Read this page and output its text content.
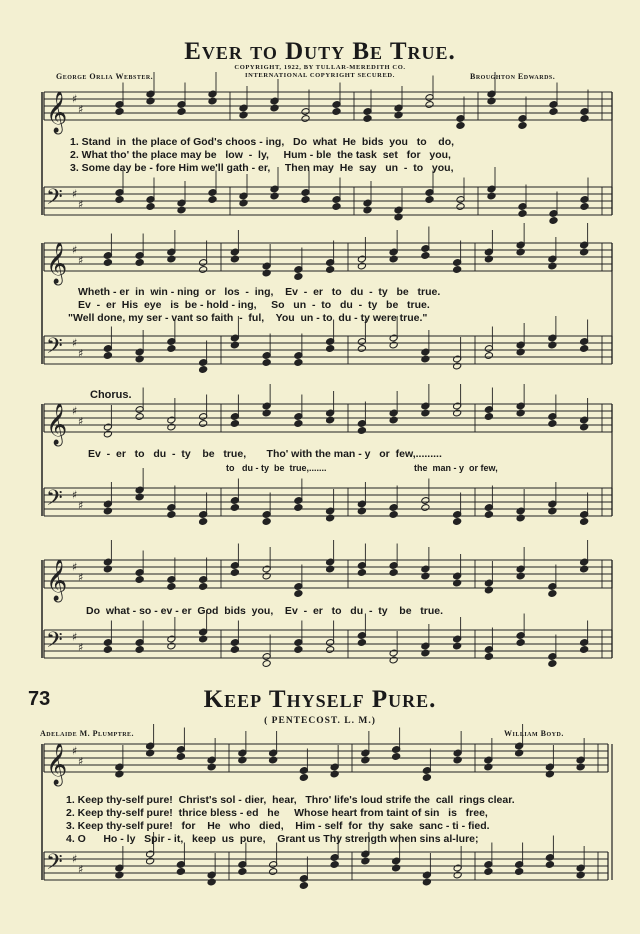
𝄞 ♯
♯
𝄢 ♯
♯
𝄞 ♯
♯
𝄢 ♯
♯
𝄞 ♯
♯
𝄢 ♯
♯
𝄞 ♯
♯
𝄢 ♯
♯
𝄞 ♯
♯
𝄢 ♯
♯
Ever to Duty Be True.
COPYRIGHT, 1922, BY TULLAR-MEREDITH CO.
INTERNATIONAL COPYRIGHT SECURED.
George Orlia Webster.	Broughton Edwards.
1. Stand  in  the place of God's choos - ing,   Do  what  He  bids  you   to    do,
2. What tho' the place may be   low  -  ly,     Hum - ble  the task  set   for   you,
3. Some day be - fore Him we'll gath - er,     Then may  He  say   un  -  to   you,
Wheth - er  in  win - ning  or   los  -  ing,    Ev  -  er   to   du  -  ty   be   true.
Ev  -  er  His  eye   is  be - hold - ing,     So   un  -  to   du  -  ty   be   true.
"Well done, my ser - vant so faith  -  ful,    You  un - to  du - ty were true."
Chorus.
Ev  -  er   to   du  -  ty    be   true,       Tho' with the man - y   or  few,.........
to   du - ty  be  true,.......                                   the  man - y  or few,
Do  what - so - ev - er  God  bids  you,    Ev  -  er   to   du  -  ty    be   true.
73	Keep Thyself Pure.
( PENTECOST. L. M.)
Adelaide M. Plumptre.	William Boyd.
1. Keep thy-self pure!  Christ's sol - dier,  hear,   Thro' life's loud strife the  call  rings clear.
2. Keep thy-self pure!  thrice bless - ed   he     Whose heart from taint of sin   is   free,
3. Keep thy-self pure!   for    He   who   died,    Him - self  for  thy  sake  sanc - ti - fied.
4. O      Ho - ly   Spir - it,   keep  us  pure,    Grant us Thy strength when sins al-lure;
